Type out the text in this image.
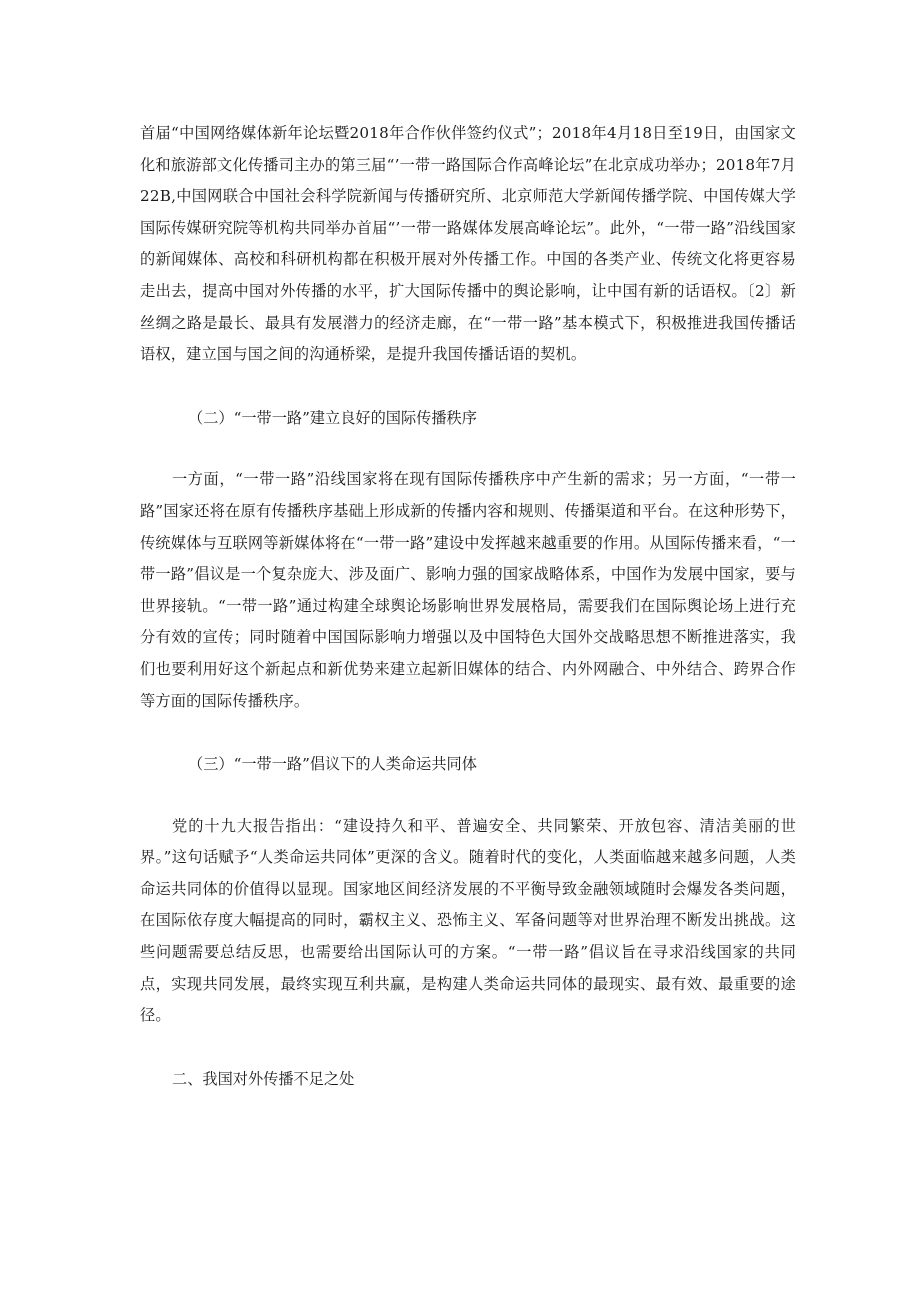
首届“中国网络媒体新年论坛暨2018年合作伙伴签约仪式”；2018年4月18日至19日，由国家文化和旅游部文化传播司主办的第三届“’一带一路国际合作高峰论坛”在北京成功举办；2018年7月22B,中国网联合中国社会科学院新闻与传播研究所、北京师范大学新闻传播学院、中国传媒大学国际传媒研究院等机构共同举办首届“’一带一路媒体发展高峰论坛”。此外，“一带一路”沿线国家的新闻媒体、高校和科研机构都在积极开展对外传播工作。中国的各类产业、传统文化将更容易走出去，提高中国对外传播的水平，扩大国际传播中的舆论影响，让中国有新的话语权。〔2〕新丝绸之路是最长、最具有发展潜力的经济走廊，在“一带一路”基本模式下，积极推进我国传播话语权，建立国与国之间的沟通桥梁，是提升我国传播话语的契机。

（二）“一带一路”建立良好的国际传播秩序

一方面，“一带一路”沿线国家将在现有国际传播秩序中产生新的需求；另一方面，“一带一路”国家还将在原有传播秩序基础上形成新的传播内容和规则、传播渠道和平台。在这种形势下，传统媒体与互联网等新媒体将在“一带一路”建设中发挥越来越重要的作用。从国际传播来看，“一带一路”倡议是一个复杂庞大、涉及面广、影响力强的国家战略体系，中国作为发展中国家，要与世界接轨。“一带一路”通过构建全球舆论场影响世界发展格局，需要我们在国际舆论场上进行充分有效的宣传；同时随着中国国际影响力增强以及中国特色大国外交战略思想不断推进落实，我们也要利用好这个新起点和新优势来建立起新旧媒体的结合、内外网融合、中外结合、跨界合作等方面的国际传播秩序。

（三）“一带一路”倡议下的人类命运共同体

党的十九大报告指出：“建设持久和平、普遍安全、共同繁荣、开放包容、清洁美丽的世界。”这句话赋予“人类命运共同体”更深的含义。随着时代的变化，人类面临越来越多问题，人类命运共同体的价值得以显现。国家地区间经济发展的不平衡导致金融领域随时会爆发各类问题，在国际依存度大幅提高的同时，霸权主义、恐怖主义、军备问题等对世界治理不断发出挑战。这些问题需要总结反思，也需要给出国际认可的方案。“一带一路”倡议旨在寻求沿线国家的共同点，实现共同发展，最终实现互利共赢，是构建人类命运共同体的最现实、最有效、最重要的途径。

二、我国对外传播不足之处
